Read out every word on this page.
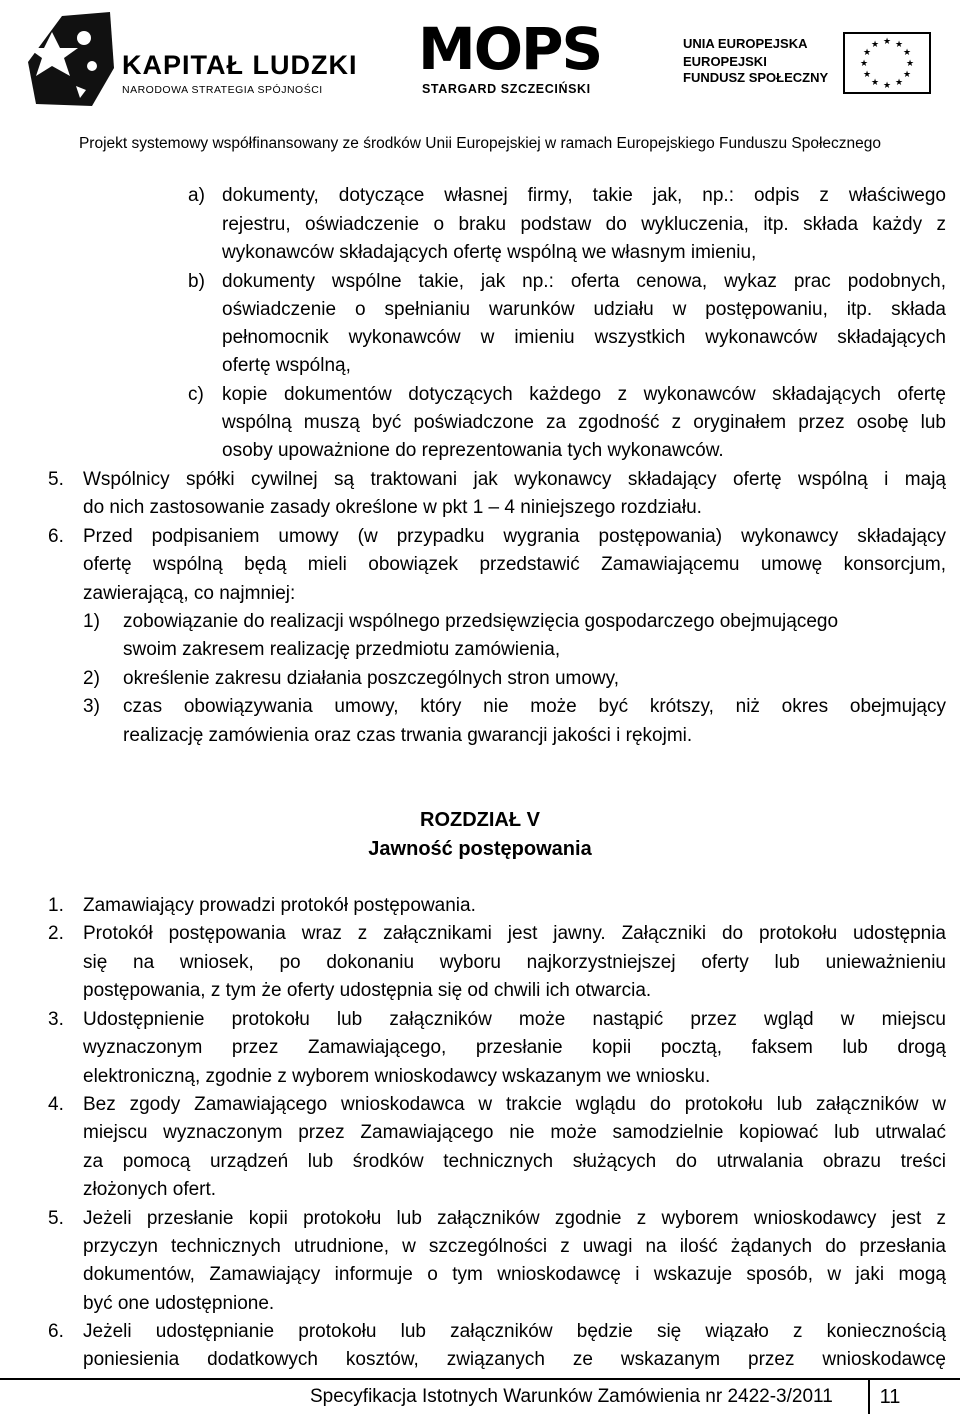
KAPITAŁ LUDZKI
NARODOWA STRATEGIA SPÓJNOŚCI
MOPS
STARGARD SZCZECIŃSKI
UNIA EUROPEJSKA
EUROPEJSKI
FUNDUSZ SPOŁECZNY
★ ★
★
★
★
★
★
★
★
★
★
★
Projekt systemowy współfinansowany ze środków Unii Europejskiej w ramach Europejskiego Funduszu Społecznego
a) dokumenty, dotyczące własnej firmy, takie jak, np.: odpis z właściwego
rejestru, oświadczenie o braku podstaw do wykluczenia, itp. składa każdy z
wykonawców składających ofertę wspólną we własnym imieniu,
b) dokumenty wspólne takie, jak np.: oferta cenowa, wykaz prac podobnych,
oświadczenie o spełnianiu warunków udziału w postępowaniu, itp. składa
pełnomocnik wykonawców w imieniu wszystkich wykonawców składających
ofertę wspólną,
c) kopie dokumentów dotyczących każdego z wykonawców składających ofertę
wspólną muszą być poświadczone za zgodność z oryginałem przez osobę lub
osoby upoważnione do reprezentowania tych wykonawców.
5. Wspólnicy spółki cywilnej są traktowani jak wykonawcy składający ofertę wspólną i mają
do nich zastosowanie zasady określone w pkt 1 – 4 niniejszego rozdziału.
6. Przed podpisaniem umowy (w przypadku wygrania postępowania) wykonawcy składający
ofertę wspólną będą mieli obowiązek przedstawić Zamawiającemu umowę konsorcjum,
zawierającą, co najmniej:
1) zobowiązanie do realizacji wspólnego przedsięwzięcia gospodarczego obejmującego
swoim zakresem realizację przedmiotu zamówienia,
2) określenie zakresu działania poszczególnych stron umowy,
3) czas obowiązywania umowy, który nie może być krótszy, niż okres obejmujący
realizację zamówienia oraz czas trwania gwarancji jakości i rękojmi.
ROZDZIAŁ V
Jawność postępowania
1. Zamawiający prowadzi protokół postępowania.
2. Protokół postępowania wraz z załącznikami jest jawny. Załączniki do protokołu udostępnia
się na wniosek, po dokonaniu wyboru najkorzystniejszej oferty lub unieważnieniu
postępowania, z tym że oferty udostępnia się od chwili ich otwarcia.
3. Udostępnienie protokołu lub załączników może nastąpić przez wgląd w miejscu
wyznaczonym przez Zamawiającego, przesłanie kopii pocztą, faksem lub drogą
elektroniczną, zgodnie z wyborem wnioskodawcy wskazanym we wniosku.
4. Bez zgody Zamawiającego wnioskodawca w trakcie wglądu do protokołu lub załączników w
miejscu wyznaczonym przez Zamawiającego nie może samodzielnie kopiować lub utrwalać
za pomocą urządzeń lub środków technicznych służących do utrwalania obrazu treści
złożonych ofert.
5. Jeżeli przesłanie kopii protokołu lub załączników zgodnie z wyborem wnioskodawcy jest z
przyczyn technicznych utrudnione, w szczególności z uwagi na ilość żądanych do przesłania
dokumentów, Zamawiający informuje o tym wnioskodawcę i wskazuje sposób, w jaki mogą
być one udostępnione.
6. Jeżeli udostępnianie protokołu lub załączników będzie się wiązało z koniecznością
poniesienia dodatkowych kosztów, związanych ze wskazanym przez wnioskodawcę
Specyfikacja Istotnych Warunków Zamówienia nr 2422-3/2011	11
